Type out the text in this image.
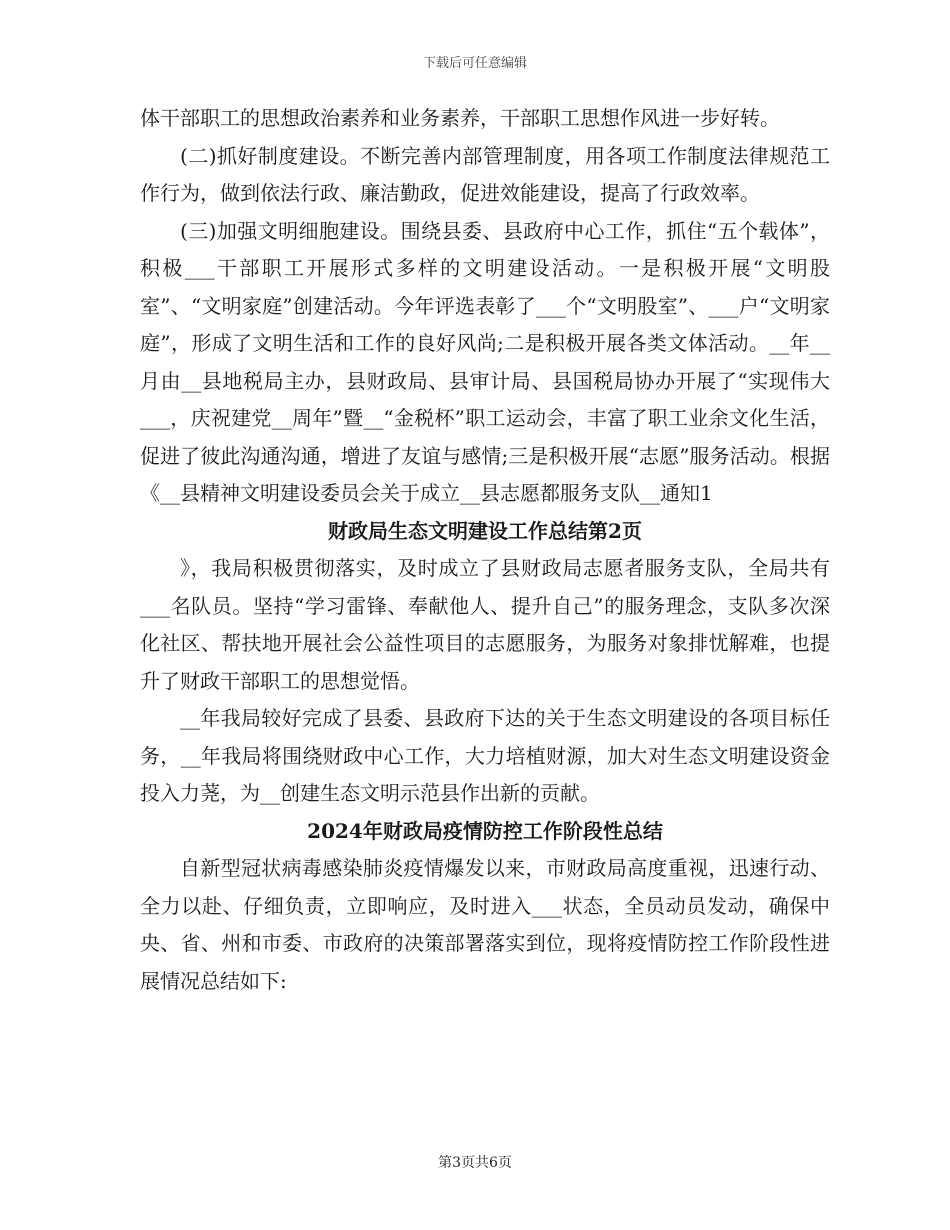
下载后可任意编辑

体干部职工的思想政治素养和业务素养，干部职工思想作风进一步好转。

(二)抓好制度建设。不断完善内部管理制度，用各项工作制度法律规范工作行为，做到依法行政、廉洁勤政，促进效能建设，提高了行政效率。

(三)加强文明细胞建设。围绕县委、县政府中心工作，抓住“五个载体”，积极___干部职工开展形式多样的文明建设活动。一是积极开展“文明股室”、“文明家庭”创建活动。今年评选表彰了___个“文明股室”、___户“文明家庭”，形成了文明生活和工作的良好风尚;二是积极开展各类文体活动。__年__月由__县地税局主办，县财政局、县审计局、县国税局协办开展了“实现伟大___，庆祝建党__周年”暨__“金税杯”职工运动会，丰富了职工业余文化生活，促进了彼此沟通沟通，增进了友谊与感情;三是积极开展“志愿”服务活动。根据《__县精神文明建设委员会关于成立__县志愿都服务支队__通知1

财政局生态文明建设工作总结第2页

》，我局积极贯彻落实，及时成立了县财政局志愿者服务支队，全局共有___名队员。坚持“学习雷锋、奉献他人、提升自己”的服务理念，支队多次深化社区、帮扶地开展社会公益性项目的志愿服务，为服务对象排忧解难，也提升了财政干部职工的思想觉悟。

__年我局较好完成了县委、县政府下达的关于生态文明建设的各项目标任务，__年我局将围绕财政中心工作，大力培植财源，加大对生态文明建设资金投入力荛，为__创建生态文明示范县作出新的贡献。

2024年财政局疫情防控工作阶段性总结

自新型冠状病毒感染肺炎疫情爆发以来，市财政局高度重视，迅速行动、全力以赴、仔细负责，立即响应，及时进入___状态，全员动员发动，确保中央、省、州和市委、市政府的决策部署落实到位，现将疫情防控工作阶段性进展情况总结如下:

第3页共6页
